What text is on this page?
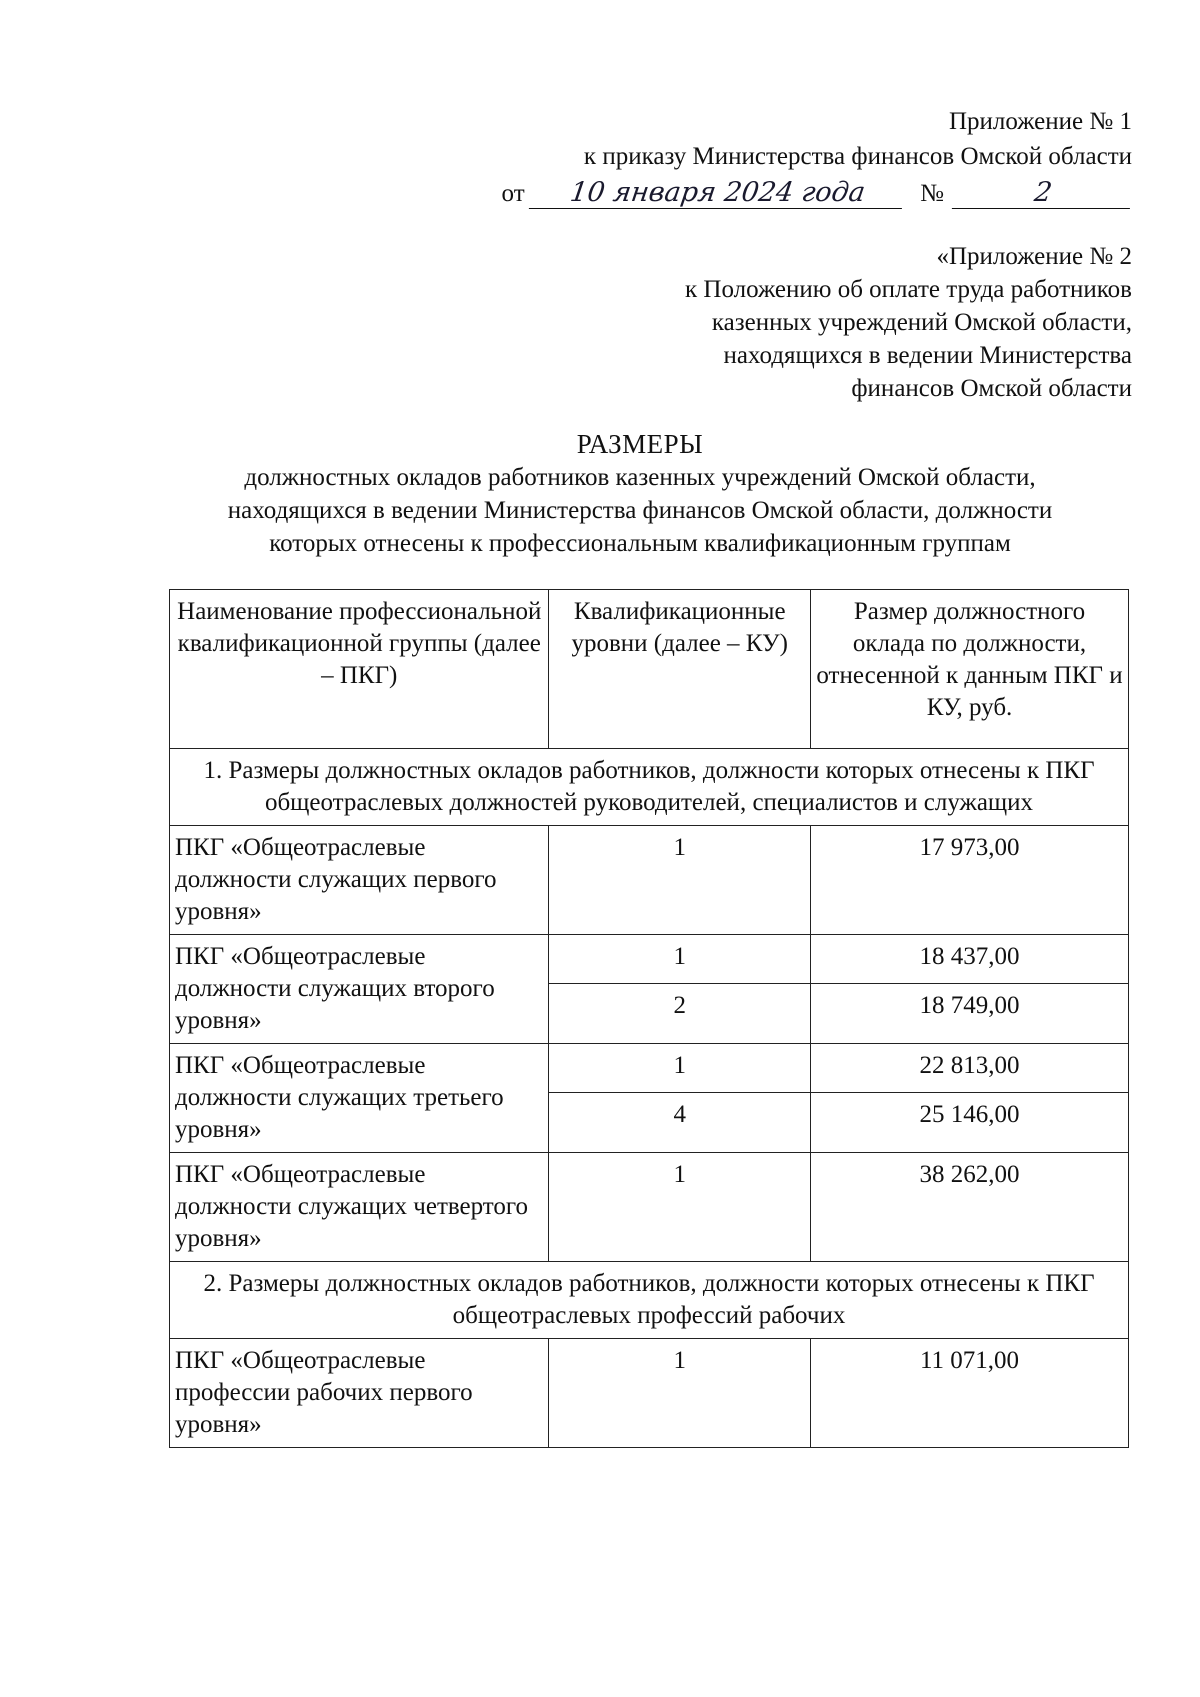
Приложение № 1
к приказу Министерства финансов Омской области
от 10 января 2024 года №	2
«Приложение № 2
к Положению об оплате труда работников
казенных учреждений Омской области,
находящихся в ведении Министерства
финансов Омской области
РАЗМЕРЫ
должностных окладов работников казенных учреждений Омской области,
находящихся в ведении Министерства финансов Омской области, должности
которых отнесены к профессиональным квалификационным группам
Наименование профессиональной квалификационной группы (далее – ПКГ)	Квалификационные уровни (далее – КУ)	Размер должностного оклада по должности, отнесенной к данным ПКГ и КУ, руб.
1. Размеры должностных окладов работников, должности которых отнесены к ПКГ общеотраслевых должностей руководителей, специалистов и служащих		
ПКГ «Общеотраслевые должности служащих первого уровня»	1	17 973,00
ПКГ «Общеотраслевые должности служащих второго уровня»	1	18 437,00
	2	18 749,00
ПКГ «Общеотраслевые должности служащих третьего уровня»	1	22 813,00
	4	25 146,00
ПКГ «Общеотраслевые должности служащих четвертого уровня»	1	38 262,00
2. Размеры должностных окладов работников, должности которых отнесены к ПКГ общеотраслевых профессий рабочих		
ПКГ «Общеотраслевые профессии рабочих первого уровня»	1	11 071,00
